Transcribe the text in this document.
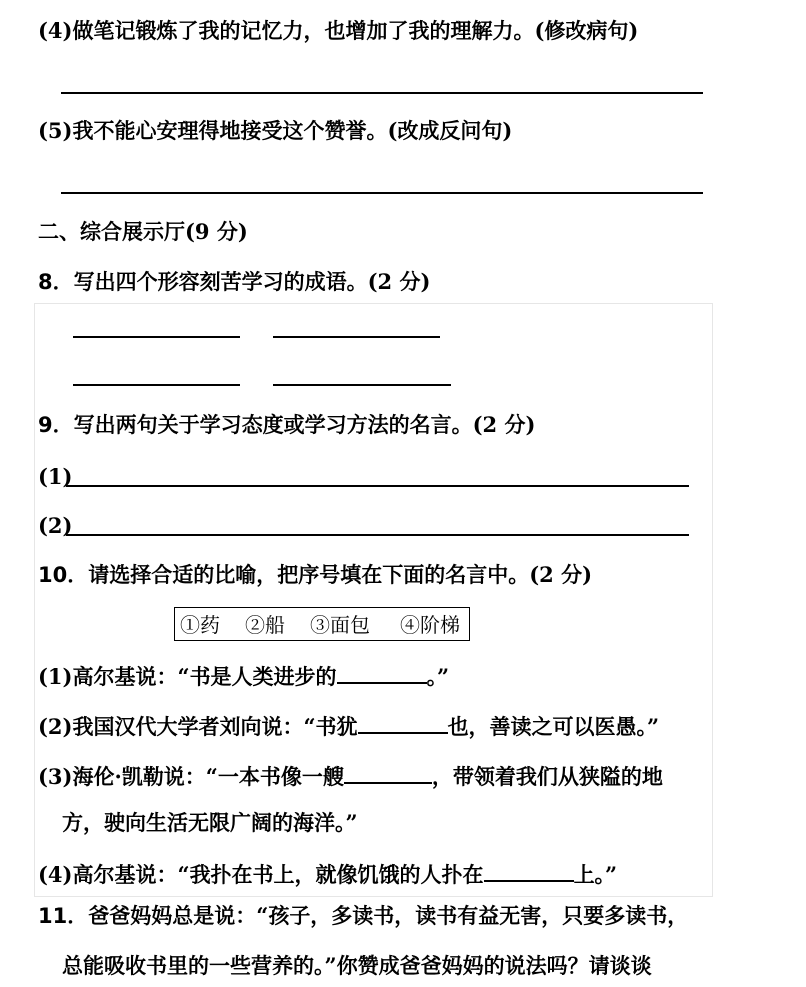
(4)做笔记锻炼了我的记忆力，也增加了我的理解力。(修改病句)
(5)我不能心安理得地接受这个赞誉。(改成反问句)
二、综合展示厅(9 分)
8．写出四个形容刻苦学习的成语。(2 分)
9．写出两句关于学习态度或学习方法的名言。(2 分)
(1)
(2)
10．请选择合适的比喻，把序号填在下面的名言中。(2 分)
①药 ②船 ③面包 ④阶梯
(1)高尔基说：“书是人类进步的	。”
(2)我国汉代大学者刘向说：“书犹	也，善读之可以医愚。”
(3)海伦·凯勒说：“一本书像一艘	，带领着我们从狭隘的地
方，驶向生活无限广阔的海洋。”
(4)高尔基说：“我扑在书上，就像饥饿的人扑在	上。”
11．爸爸妈妈总是说：“孩子，多读书，读书有益无害，只要多读书，
总能吸收书里的一些营养的。”你赞成爸爸妈妈的说法吗？请谈谈
